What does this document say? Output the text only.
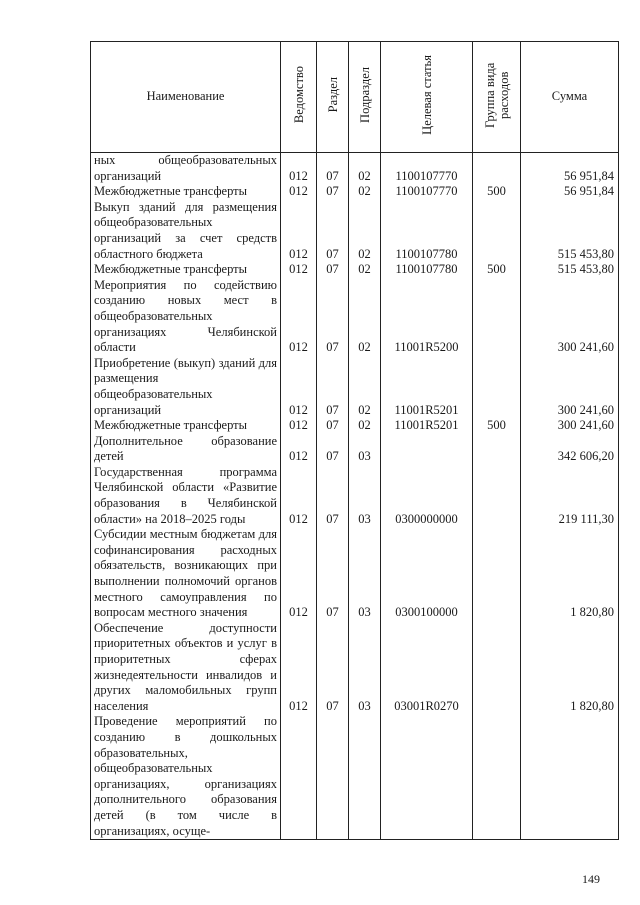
Наименование	Ведомство	Раздел	Подраздел	Целевая статья	Группа вида расходов	Сумма
ных общеобразовательных организаций	012	07	02	1100107770		56 951,84
Межбюджетные трансферты	012	07	02	1100107770	500	56 951,84
Выкуп зданий для размещения общеобразовательных организаций за счет средств областного бюджета	012	07	02	1100107780		515 453,80
Межбюджетные трансферты	012	07	02	1100107780	500	515 453,80
Мероприятия по содействию созданию новых мест в общеобразовательных организациях Челябинской области	012	07	02	11001R5200		300 241,60
Приобретение (выкуп) зданий для размещения общеобразовательных организаций	012	07	02	11001R5201		300 241,60
Межбюджетные трансферты	012	07	02	11001R5201	500	300 241,60
Дополнительное образование детей	012	07	03			342 606,20
Государственная программа Челябинской области «Развитие образования в Челябинской области» на 2018–2025 годы	012	07	03	0300000000		219 111,30
Субсидии местным бюджетам для софинансирования расходных обязательств, возникающих при выполнении полномочий органов местного самоуправления по вопросам местного значения	012	07	03	0300100000		1 820,80
Обеспечение доступности приоритетных объектов и услуг в приоритетных сферах жизнедеятельности инвалидов и других маломобильных групп населения	012	07	03	03001R0270		1 820,80
Проведение мероприятий по созданию в дошкольных образовательных, общеобразовательных организациях, организациях дополнительного образования детей (в том числе в организациях, осуще-						
149
